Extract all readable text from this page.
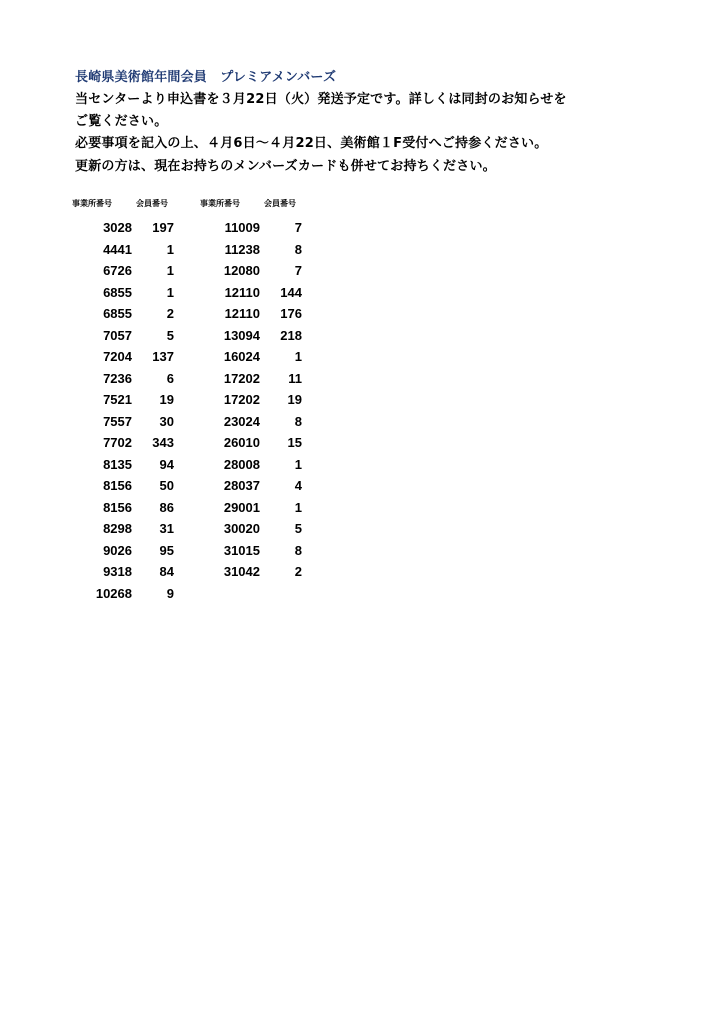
長崎県美術館年間会員　プレミアメンバーズ
当センターより申込書を３月22日（火）発送予定です。詳しくは同封のお知らせを
ご覧ください。
必要事項を記入の上、４月6日～４月22日、美術館１F受付へご持参ください。
更新の方は、現在お持ちのメンバーズカードも併せてお持ちください。
事業所番号	会員番号
3028	197
4441	1
6726	1
6855	1
6855	2
7057	5
7204	137
7236	6
7521	19
7557	30
7702	343
8135	94
8156	50
8156	86
8298	31
9026	95
9318	84
10268	9
事業所番号	会員番号
11009	7
11238	8
12080	7
12110	144
12110	176
13094	218
16024	1
17202	11
17202	19
23024	8
26010	15
28008	1
28037	4
29001	1
30020	5
31015	8
31042	2
